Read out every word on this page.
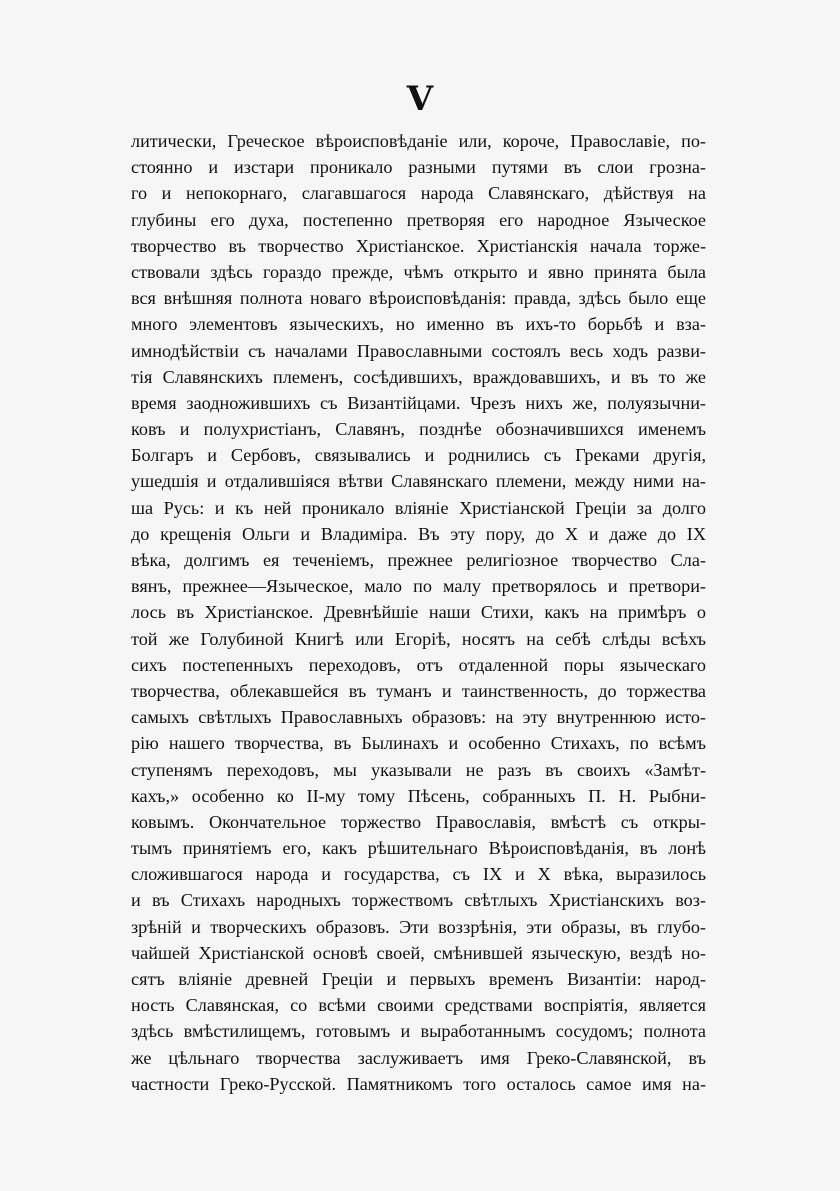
V
литически, Греческое вѣроисповѣданіе или, короче, Православіе, по-
стоянно и изстари проникало разными путями въ слои грозна-
го и непокорнаго, слагавшагося народа Славянскаго, дѣйствуя на
глубины его духа, постепенно претворяя его народное Языческое
творчество въ творчество Христіанское. Христіанскія начала торже-
ствовали здѣсь гораздо прежде, чѣмъ открыто и явно принята была
вся внѣшняя полнота новаго вѣроисповѣданія: правда, здѣсь было еще
много элементовъ языческихъ, но именно въ ихъ-то борьбѣ и вза-
имнодѣйствіи съ началами Православными состоялъ весь ходъ разви-
тія Славянскихъ племенъ, сосѣдившихъ, враждовавшихъ, и въ то же
время заодножившихъ съ Византійцами. Чрезъ нихъ же, полуязычни-
ковъ и полухристіанъ, Славянъ, позднѣе обозначившихся именемъ
Болгаръ и Сербовъ, связывались и роднились съ Греками другія,
ушедшія и отдалившіяся вѣтви Славянскаго племени, между ними на-
ша Русь: и къ ней проникало вліяніе Христіанской Греціи за долго
до крещенія Ольги и Владиміра. Въ эту пору, до X и даже до IX
вѣка, долгимъ ея теченіемъ, прежнее религіозное творчество Сла-
вянъ, прежнее—Языческое, мало по малу претворялось и претвори-
лось въ Христіанское. Древнѣйшіе наши Стихи, какъ на примѣръ о
той же Голубиной Книгѣ или Егоріѣ, носятъ на себѣ слѣды всѣхъ
сихъ постепенныхъ переходовъ, отъ отдаленной поры языческаго
творчества, облекавшейся въ туманъ и таинственность, до торжества
самыхъ свѣтлыхъ Православныхъ образовъ: на эту внутреннюю исто-
рію нашего творчества, въ Былинахъ и особенно Стихахъ, по всѣмъ
ступенямъ переходовъ, мы указывали не разъ въ своихъ «Замѣт-
кахъ,» особенно ко II-му тому Пѣсень, собранныхъ П. Н. Рыбни-
ковымъ. Окончательное торжество Православія, вмѣстѣ съ откры-
тымъ принятіемъ его, какъ рѣшительнаго Вѣроисповѣданія, въ лонѣ
сложившагося народа и государства, съ IX и X вѣка, выразилось
и въ Стихахъ народныхъ торжествомъ свѣтлыхъ Христіанскихъ воз-
зрѣній и творческихъ образовъ. Эти воззрѣнія, эти образы, въ глубо-
чайшей Христіанской основѣ своей, смѣнившей языческую, вездѣ но-
сятъ вліяніе древней Греціи и первыхъ временъ Византіи: народ-
ность Славянская, со всѣми своими средствами воспріятія, является
здѣсь вмѣстилищемъ, готовымъ и выработаннымъ сосудомъ; полнота
же цѣльнаго творчества заслуживаетъ имя Греко-Славянской, въ
частности Греко-Русской. Памятникомъ того осталось самое имя на-
